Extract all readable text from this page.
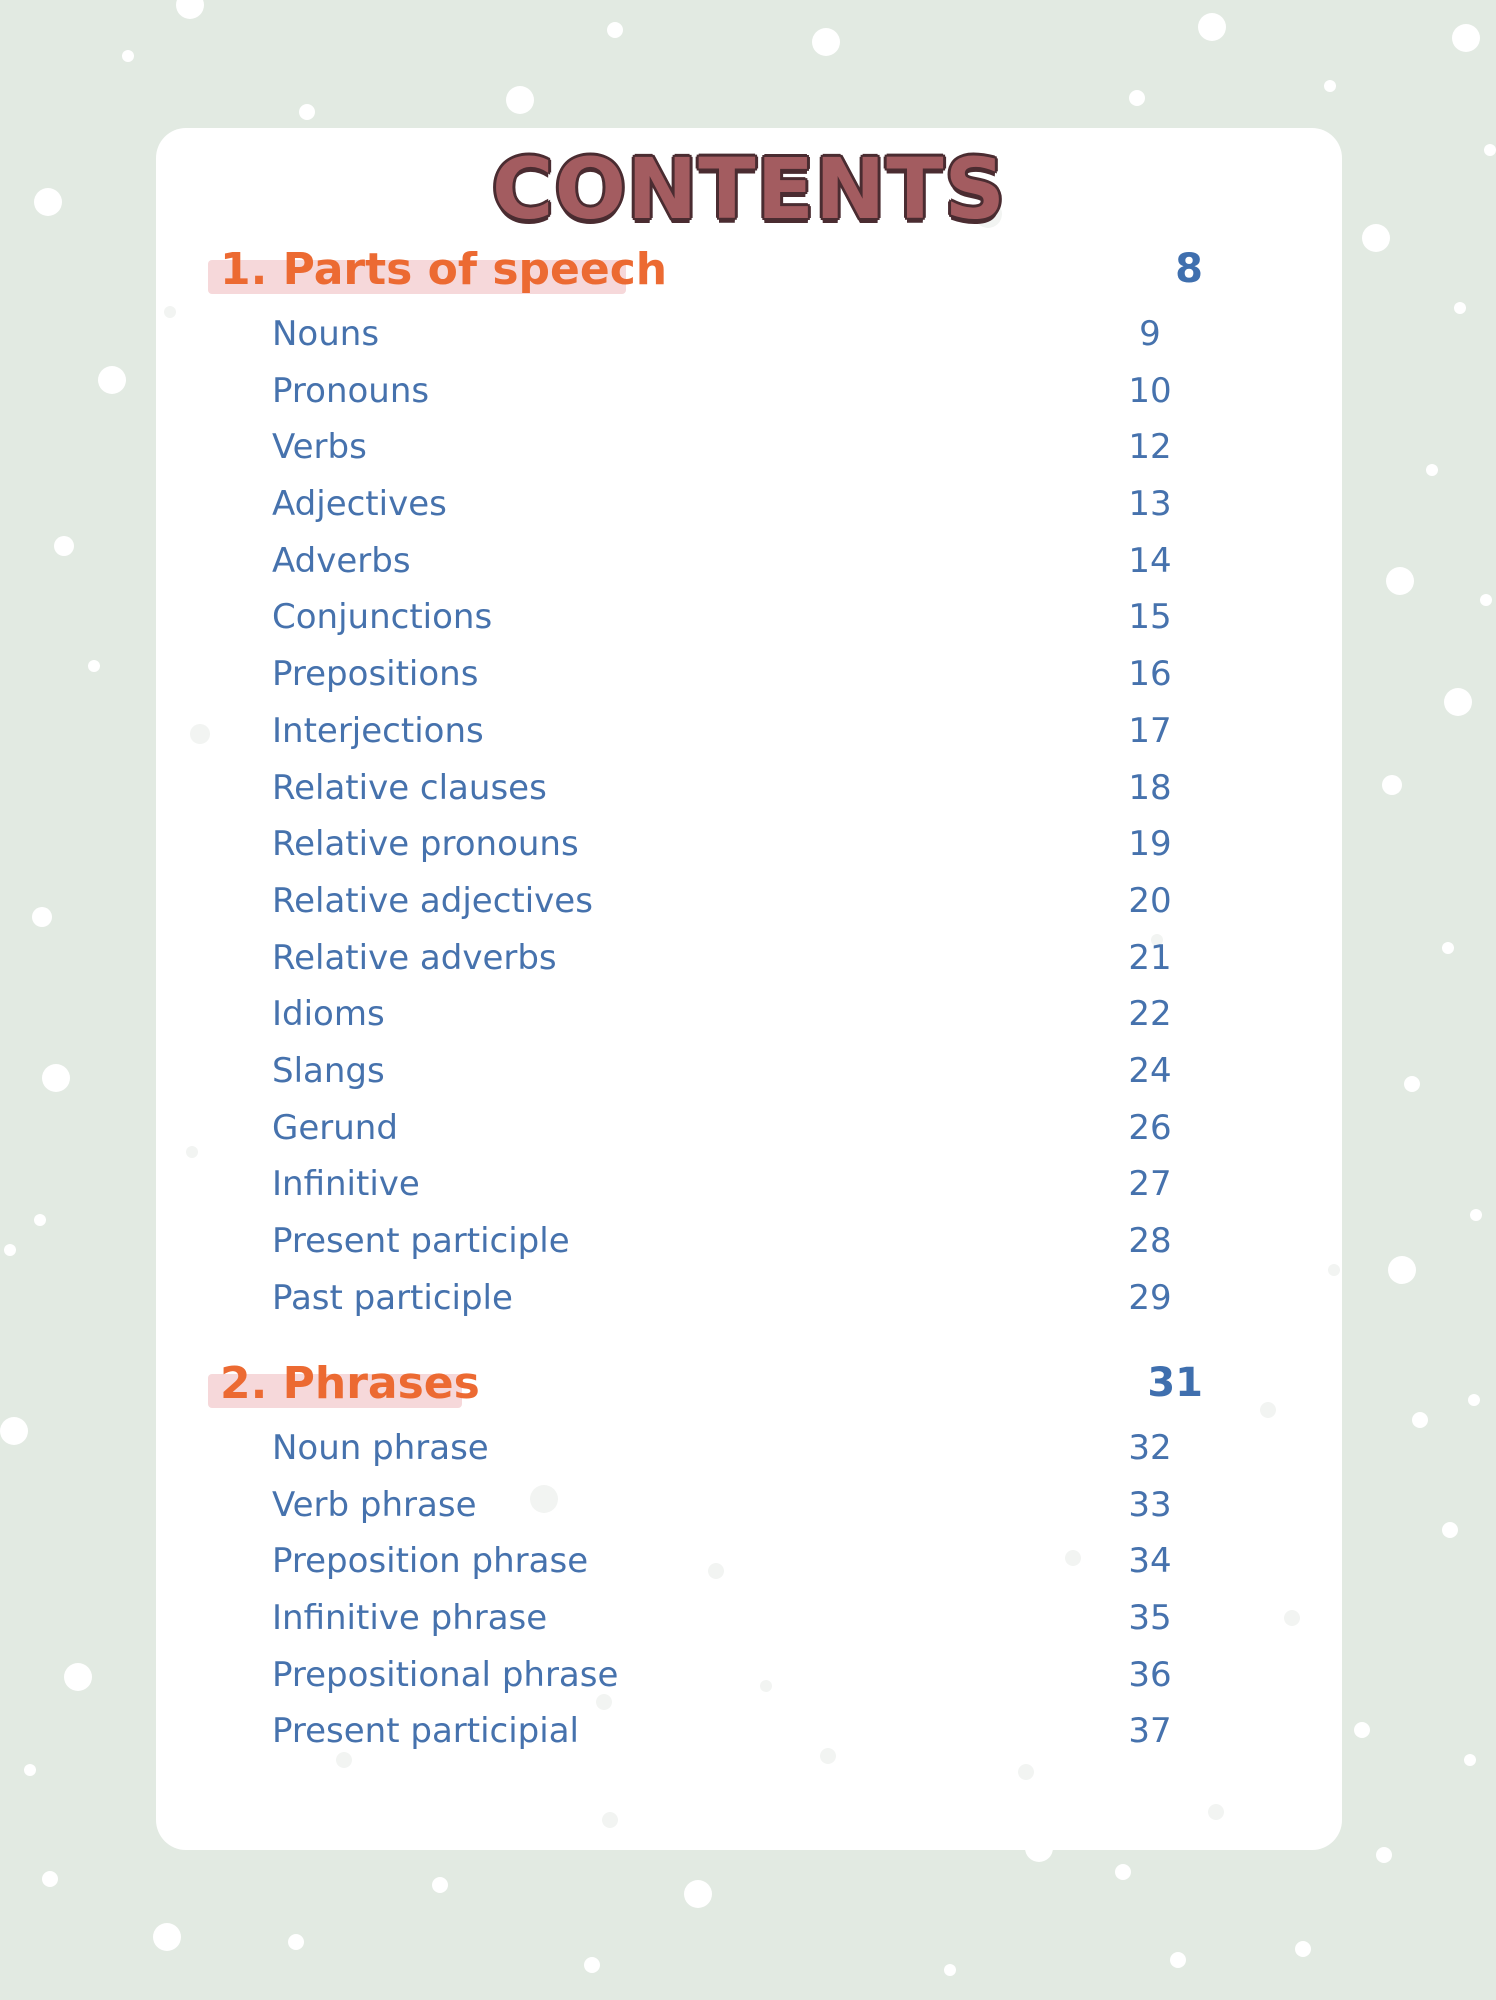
CONTENTS
1. Parts of speech	8
Nouns	9
Pronouns	10
Verbs	12
Adjectives	13
Adverbs	14
Conjunctions	15
Prepositions	16
Interjections	17
Relative clauses	18
Relative pronouns	19
Relative adjectives	20
Relative adverbs	21
Idioms	22
Slangs	24
Gerund	26
Infinitive	27
Present participle	28
Past participle	29
2. Phrases	31
Noun phrase	32
Verb phrase	33
Preposition phrase	34
Infinitive phrase	35
Prepositional phrase	36
Present participial	37
